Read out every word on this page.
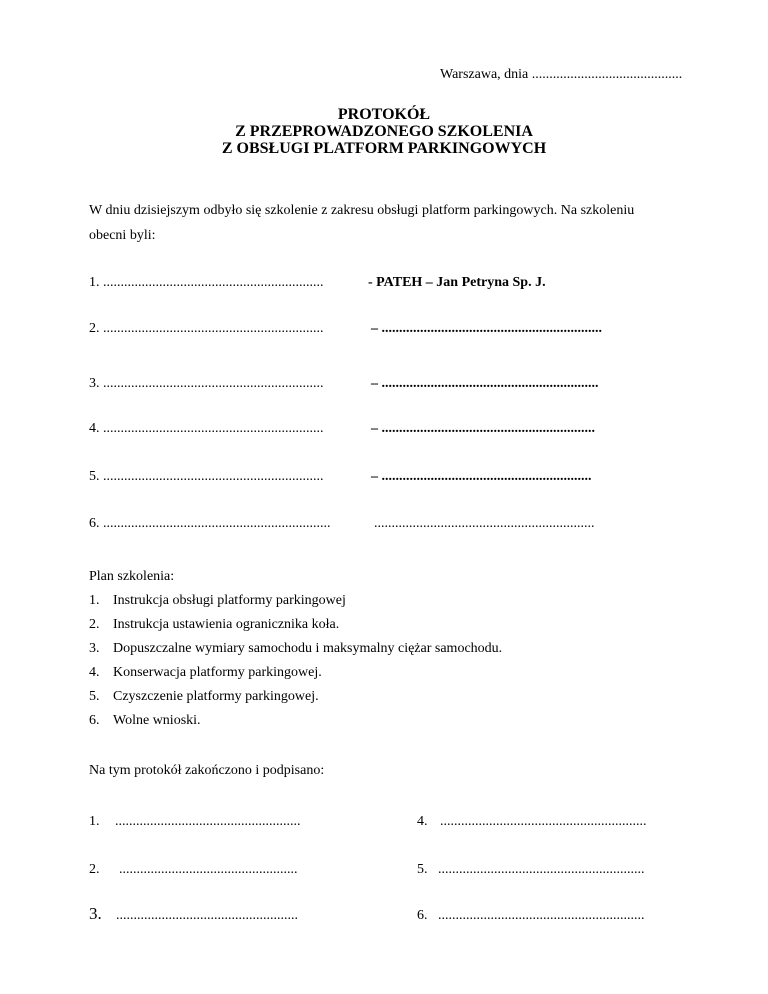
Warszawa, dnia ...........................................
PROTOKÓŁ
Z PRZEPROWADZONEGO SZKOLENIA
Z OBSŁUGI PLATFORM PARKINGOWYCH
W dniu dzisiejszym odbyło się szkolenie z zakresu obsługi platform parkingowych. Na szkoleniu
obecni byli:
1. ...............................................................	- PATEH – Jan Petryna Sp. J.
2. ...............................................................	– ...............................................................
3. ...............................................................	– ..............................................................
4. ...............................................................	– .............................................................
5. ...............................................................	– ............................................................
6. .................................................................	...............................................................
Plan szkolenia:
1. Instrukcja obsługi platformy parkingowej
2. Instrukcja ustawienia ogranicznika koła.
3. Dopuszczalne wymiary samochodu i maksymalny ciężar samochodu.
4. Konserwacja platformy parkingowej.
5. Czyszczenie platformy parkingowej.
6. Wolne wnioski.
Na tym protokół zakończono i podpisano:
1. .....................................................
2. ...................................................
3. ....................................................
4. ...........................................................
5. ...........................................................
6. ...........................................................
